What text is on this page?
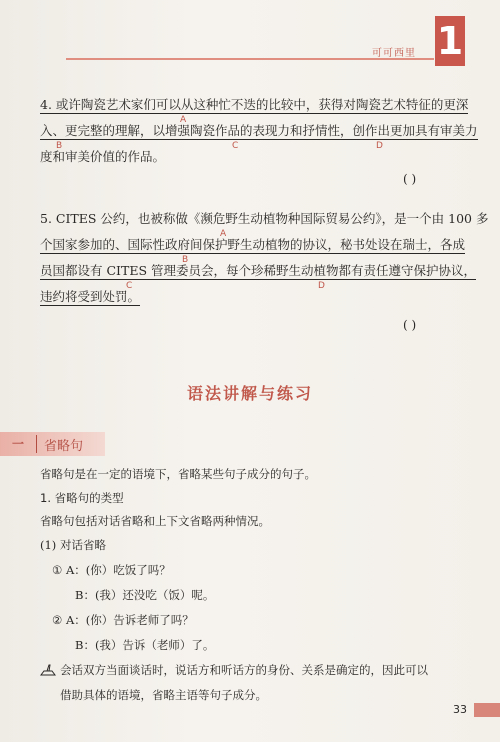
可可西里 1
4. 或许陶瓷艺术家们可以从这种忙不迭的比较中，获得对陶瓷艺术特征的更深
A
入、更完整的理解，以增强陶瓷作品的表现力和抒情性，创作出更加具有审美力
B	C	D
度和审美价值的作品。
( )
5. CITES 公约，也被称做《濒危野生动植物种国际贸易公约》，是一个由 100 多
A
个国家参加的、国际性政府间保护野生动植物的协议，秘书处设在瑞士，各成
B
员国都设有 CITES 管理委员会，每个珍稀野生动植物都有责任遵守保护协议，
C	D
违约将受到处罚。
( )
语法讲解与练习
一 省略句
省略句是在一定的语境下，省略某些句子成分的句子。
1. 省略句的类型
省略句包括对话省略和上下文省略两种情况。
(1) 对话省略
① A：(你）吃饭了吗？
B：(我）还没吃（饭）呢。
② A：(你）告诉老师了吗？
B：(我）告诉（老师）了。
会话双方当面谈话时，说话方和听话方的身份、关系是确定的，因此可以
借助具体的语境，省略主语等句子成分。
33
